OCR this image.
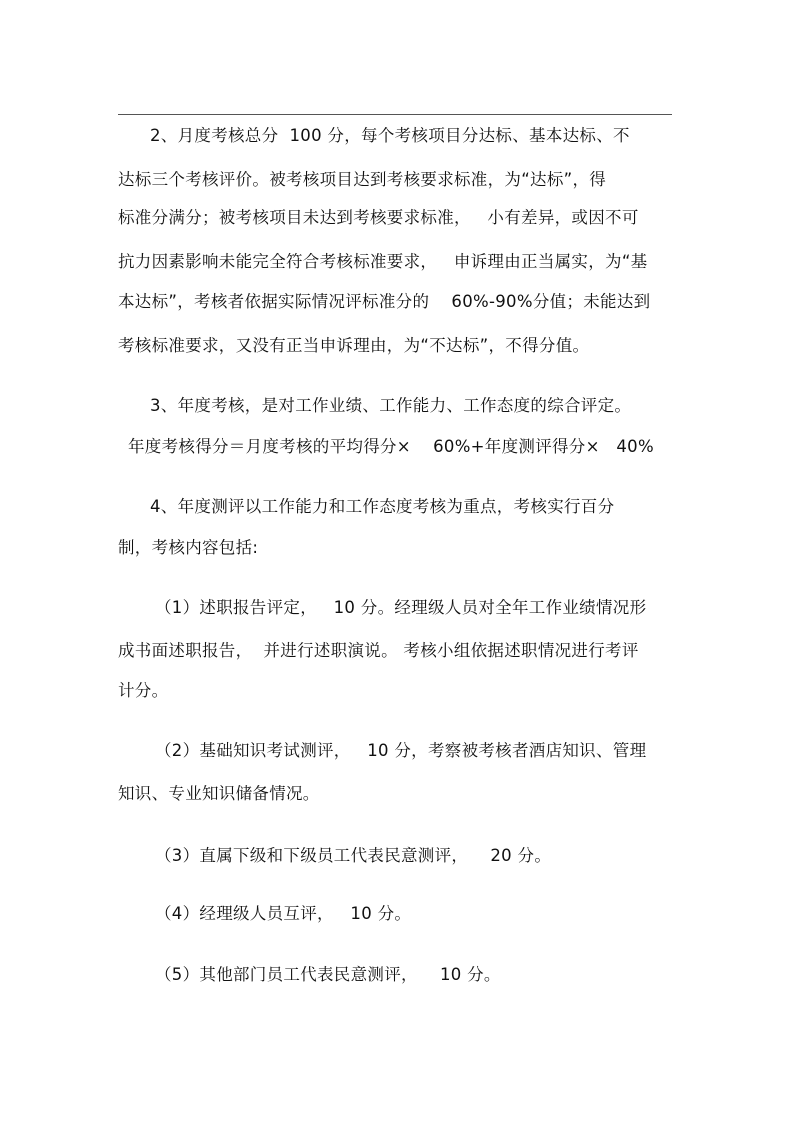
2、月度考核总分  100 分，每个考核项目分达标、基本达标、不
达标三个考核评价。被考核项目达到考核要求标准，为“达标”，得
标准分满分；被考核项目未达到考核要求标准，   小有差异，或因不可
抗力因素影响未能完全符合考核标准要求，   申诉理由正当属实，为“基
本达标”，考核者依据实际情况评标准分的    60%-90%分值；未能达到
考核标准要求，又没有正当申诉理由，为“不达标”，不得分值。
3、年度考核，是对工作业绩、工作能力、工作态度的综合评定。
年度考核得分＝月度考核的平均得分×    60%+年度测评得分×   40%
4、年度测评以工作能力和工作态度考核为重点，考核实行百分
制，考核内容包括:
（1）述职报告评定，   10 分。经理级人员对全年工作业绩情况形
成书面述职报告，  并进行述职演说。 考核小组依据述职情况进行考评
计分。
（2）基础知识考试测评，   10 分，考察被考核者酒店知识、管理
知识、专业知识储备情况。
（3）直属下级和下级员工代表民意测评，    20 分。
（4）经理级人员互评，   10 分。
（5）其他部门员工代表民意测评，    10 分。
